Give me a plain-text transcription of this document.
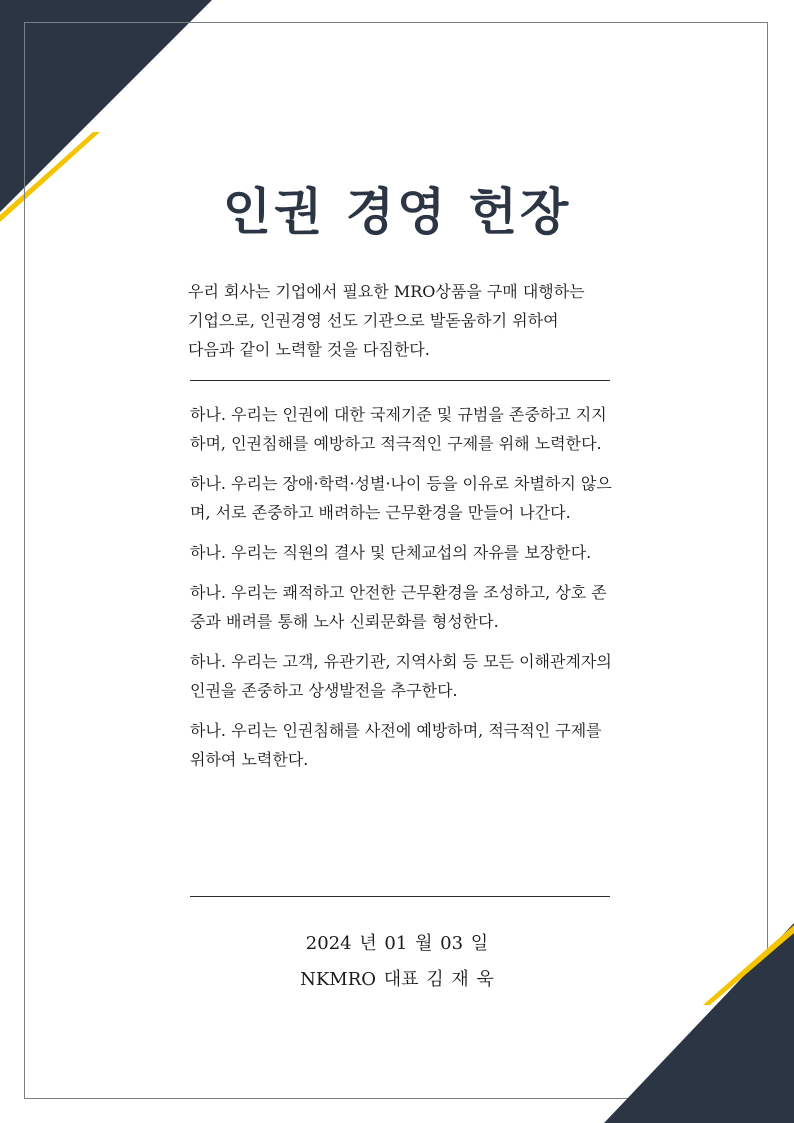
인권 경영 헌장

우리 회사는 기업에서 필요한 MRO상품을 구매 대행하는
기업으로, 인권경영 선도 기관으로 발돋움하기 위하여
다음과 같이 노력할 것을 다짐한다.

하나. 우리는 인권에 대한 국제기준 및 규범을 존중하고 지지하며, 인권침해를 예방하고 적극적인 구제를 위해 노력한다.
하나. 우리는 장애·학력·성별·나이 등을 이유로 차별하지 않으며, 서로 존중하고 배려하는 근무환경을 만들어 나간다.
하나. 우리는 직원의 결사 및 단체교섭의 자유를 보장한다.
하나. 우리는 쾌적하고 안전한 근무환경을 조성하고, 상호 존중과 배려를 통해 노사 신뢰문화를 형성한다.
하나. 우리는 고객, 유관기관, 지역사회 등 모든 이해관계자의 인권을 존중하고 상생발전을 추구한다.
하나. 우리는 인권침해를 사전에 예방하며, 적극적인 구제를 위하여 노력한다.

2024 년 01 월 03 일

NKMRO 대표 김 재 욱
